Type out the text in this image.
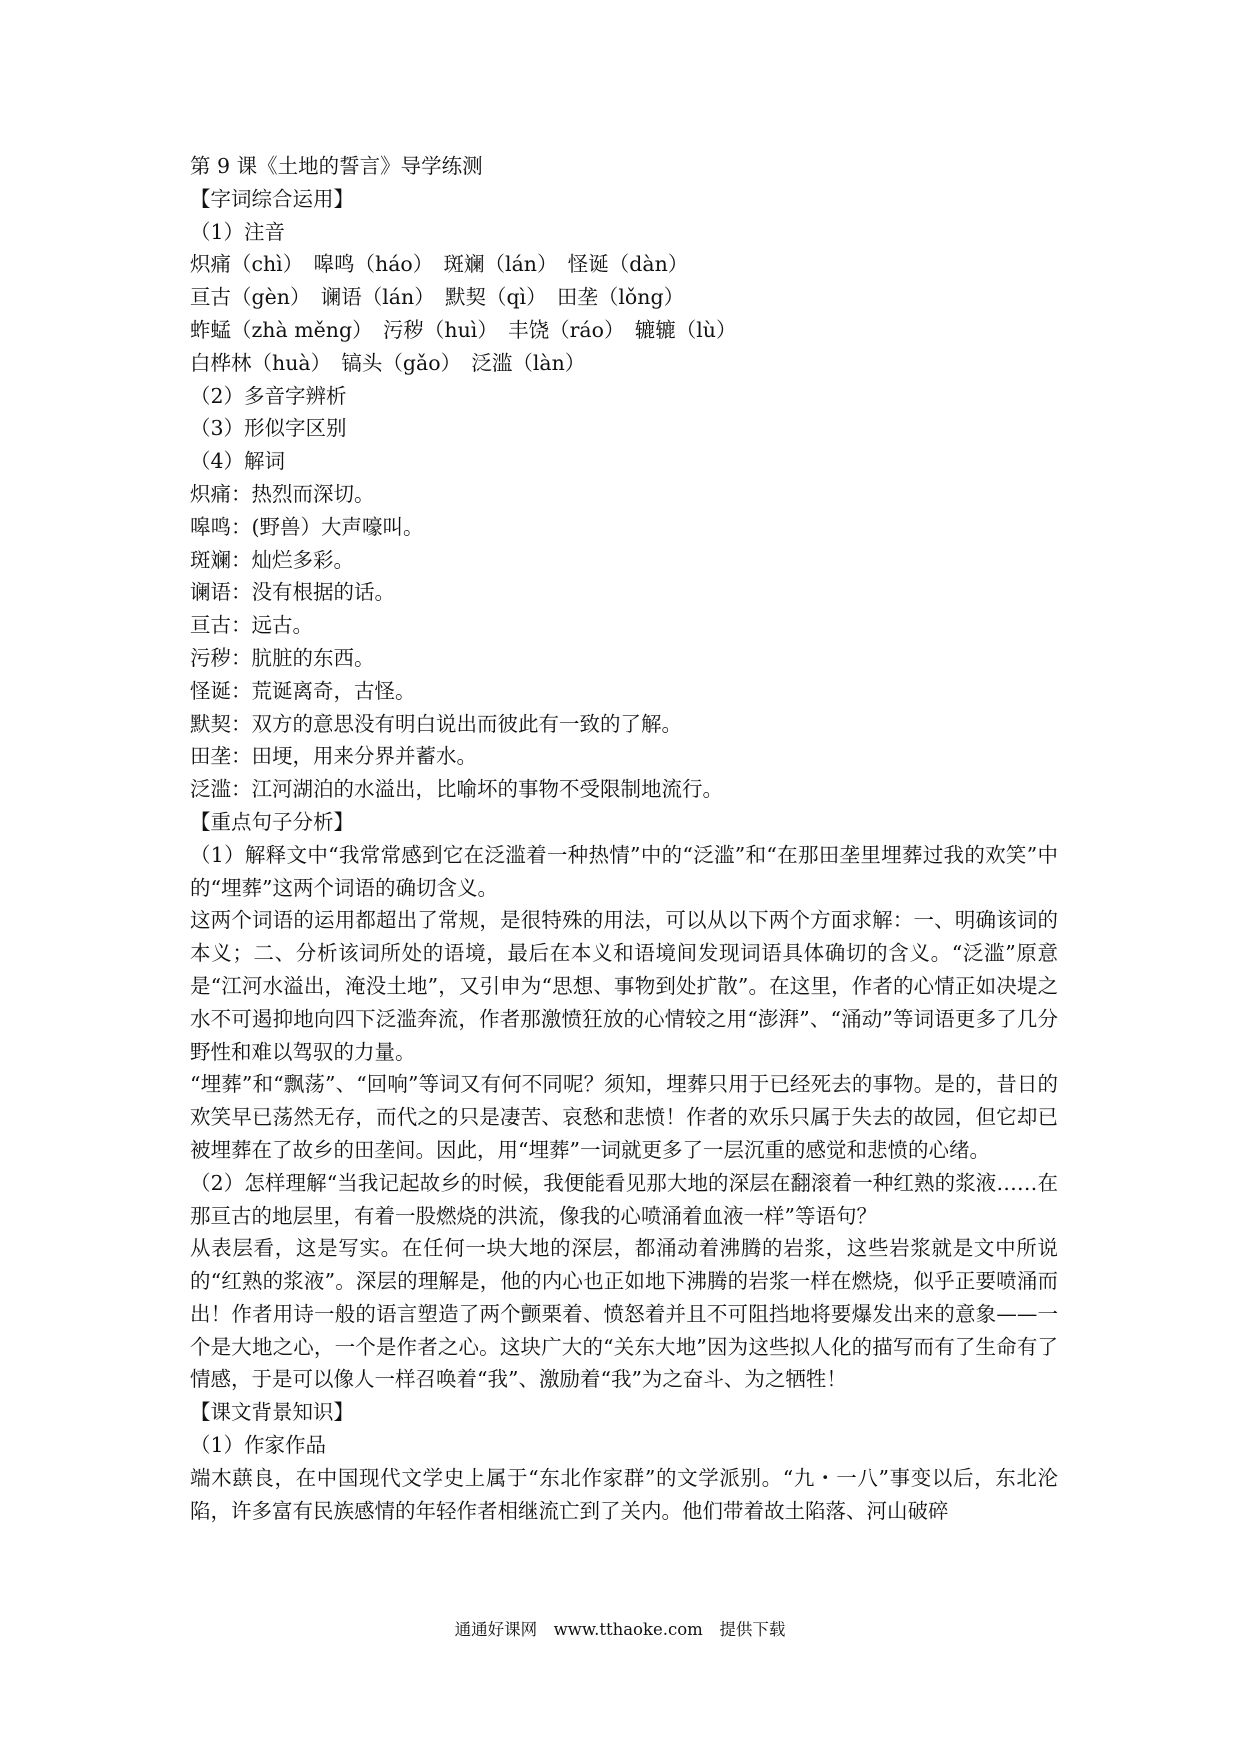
第 9 课《土地的誓言》导学练测
【字词综合运用】
（1）注音
炽痛（chì）　嗥鸣（háo）　斑斓（lán）　怪诞（dàn）
亘古（gèn）　谰语（lán）　默契（qì）　田垄（lǒng）
蚱蜢（zhà měng）　污秽（huì）　丰饶（ráo）　辘辘（lù）
白桦林（huà）　镐头（gǎo）　泛滥（làn）
（2）多音字辨析
（3）形似字区别
（4）解词
炽痛：热烈而深切。
嗥鸣：(野兽）大声嚎叫。
斑斓：灿烂多彩。
谰语：没有根据的话。
亘古：远古。
污秽：肮脏的东西。
怪诞：荒诞离奇，古怪。
默契：双方的意思没有明白说出而彼此有一致的了解。
田垄：田埂，用来分界并蓄水。
泛滥：江河湖泊的水溢出，比喻坏的事物不受限制地流行。
【重点句子分析】
（1）解释文中“我常常感到它在泛滥着一种热情”中的“泛滥”和“在那田垄里埋葬过我的欢笑”中的“埋葬”这两个词语的确切含义。
这两个词语的运用都超出了常规，是很特殊的用法，可以从以下两个方面求解：一、明确该词的本义；二、分析该词所处的语境，最后在本义和语境间发现词语具体确切的含义。“泛滥”原意是“江河水溢出，淹没土地”，又引申为“思想、事物到处扩散”。在这里，作者的心情正如决堤之水不可遏抑地向四下泛滥奔流，作者那激愤狂放的心情较之用“澎湃”、“涌动”等词语更多了几分野性和难以驾驭的力量。
“埋葬”和“飘荡”、“回响”等词又有何不同呢？须知，埋葬只用于已经死去的事物。是的，昔日的欢笑早已荡然无存，而代之的只是凄苦、哀愁和悲愤！作者的欢乐只属于失去的故园，但它却已被埋葬在了故乡的田垄间。因此，用“埋葬”一词就更多了一层沉重的感觉和悲愤的心绪。
（2）怎样理解“当我记起故乡的时候，我便能看见那大地的深层在翻滚着一种红熟的浆液……在那亘古的地层里，有着一股燃烧的洪流，像我的心喷涌着血液一样”等语句？
从表层看，这是写实。在任何一块大地的深层，都涌动着沸腾的岩浆，这些岩浆就是文中所说的“红熟的浆液”。深层的理解是，他的内心也正如地下沸腾的岩浆一样在燃烧，似乎正要喷涌而出！作者用诗一般的语言塑造了两个颤栗着、愤怒着并且不可阻挡地将要爆发出来的意象——一个是大地之心，一个是作者之心。这块广大的“关东大地”因为这些拟人化的描写而有了生命有了情感，于是可以像人一样召唤着“我”、激励着“我”为之奋斗、为之牺牲！
【课文背景知识】
（1）作家作品
端木蕻良，在中国现代文学史上属于“东北作家群”的文学派别。“九・一八”事变以后，东北沦陷，许多富有民族感情的年轻作者相继流亡到了关内。他们带着故土陷落、河山破碎
通通好课网　www.tthaoke.com　提供下载
